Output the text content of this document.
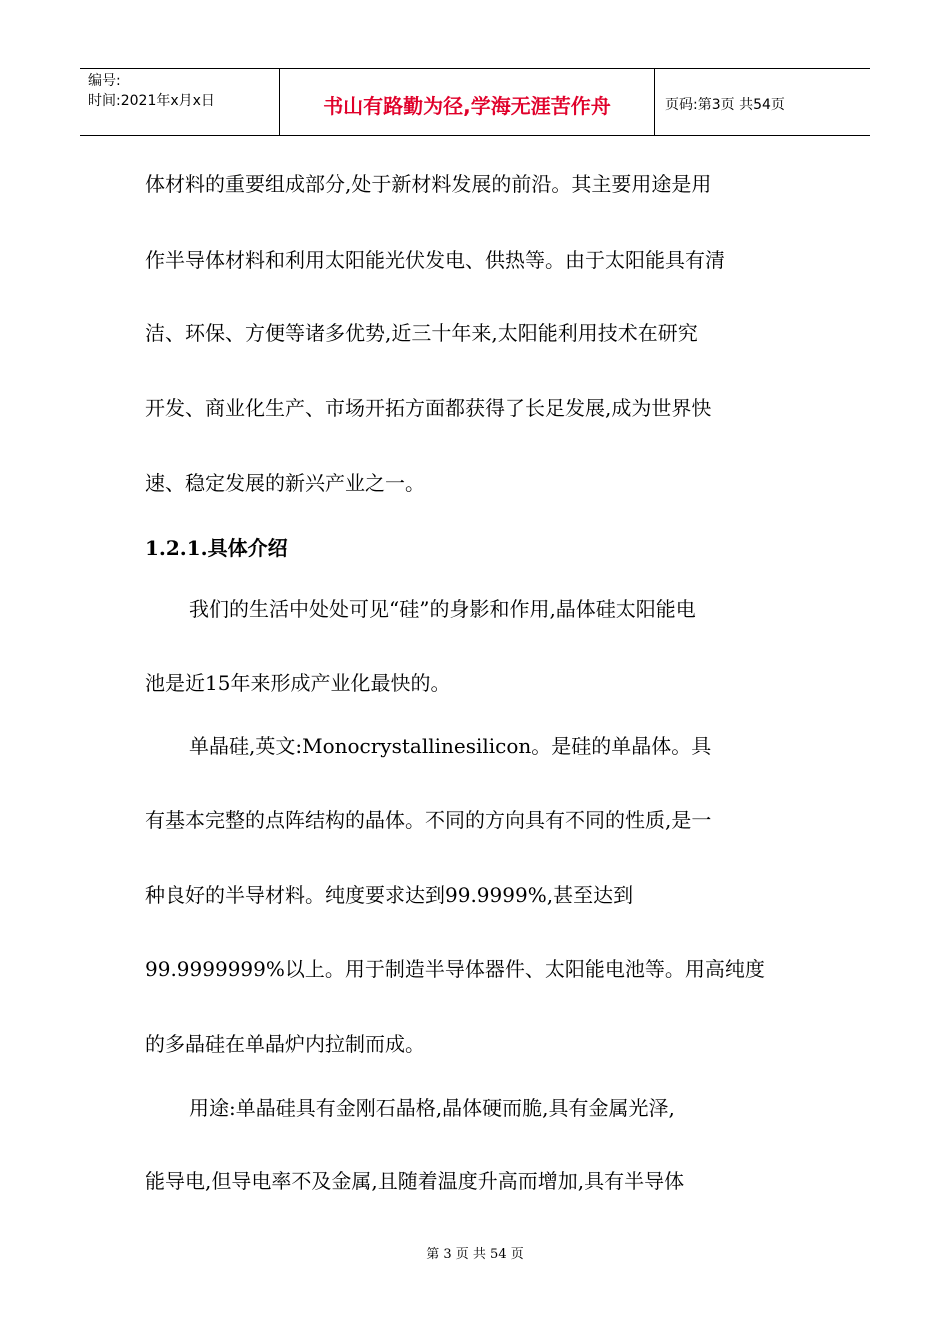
编号:
时间:2021年x月x日	书山有路勤为径,学海无涯苦作舟	页码:第3页 共54页
体材料的重要组成部分,处于新材料发展的前沿。其主要用途是用
作半导体材料和利用太阳能光伏发电、供热等。由于太阳能具有清
洁、环保、方便等诸多优势,近三十年来,太阳能利用技术在研究
开发、商业化生产、市场开拓方面都获得了长足发展,成为世界快
速、稳定发展的新兴产业之一。
1.2.1.具体介绍
我们的生活中处处可见“硅”的身影和作用,晶体硅太阳能电
池是近15年来形成产业化最快的。
单晶硅,英文:Monocrystallinesilicon。是硅的单晶体。具
有基本完整的点阵结构的晶体。不同的方向具有不同的性质,是一
种良好的半导材料。纯度要求达到99.9999%,甚至达到
99.9999999%以上。用于制造半导体器件、太阳能电池等。用高纯度
的多晶硅在单晶炉内拉制而成。
用途:单晶硅具有金刚石晶格,晶体硬而脆,具有金属光泽,
能导电,但导电率不及金属,且随着温度升高而增加,具有半导体
第 3 页 共 54 页
